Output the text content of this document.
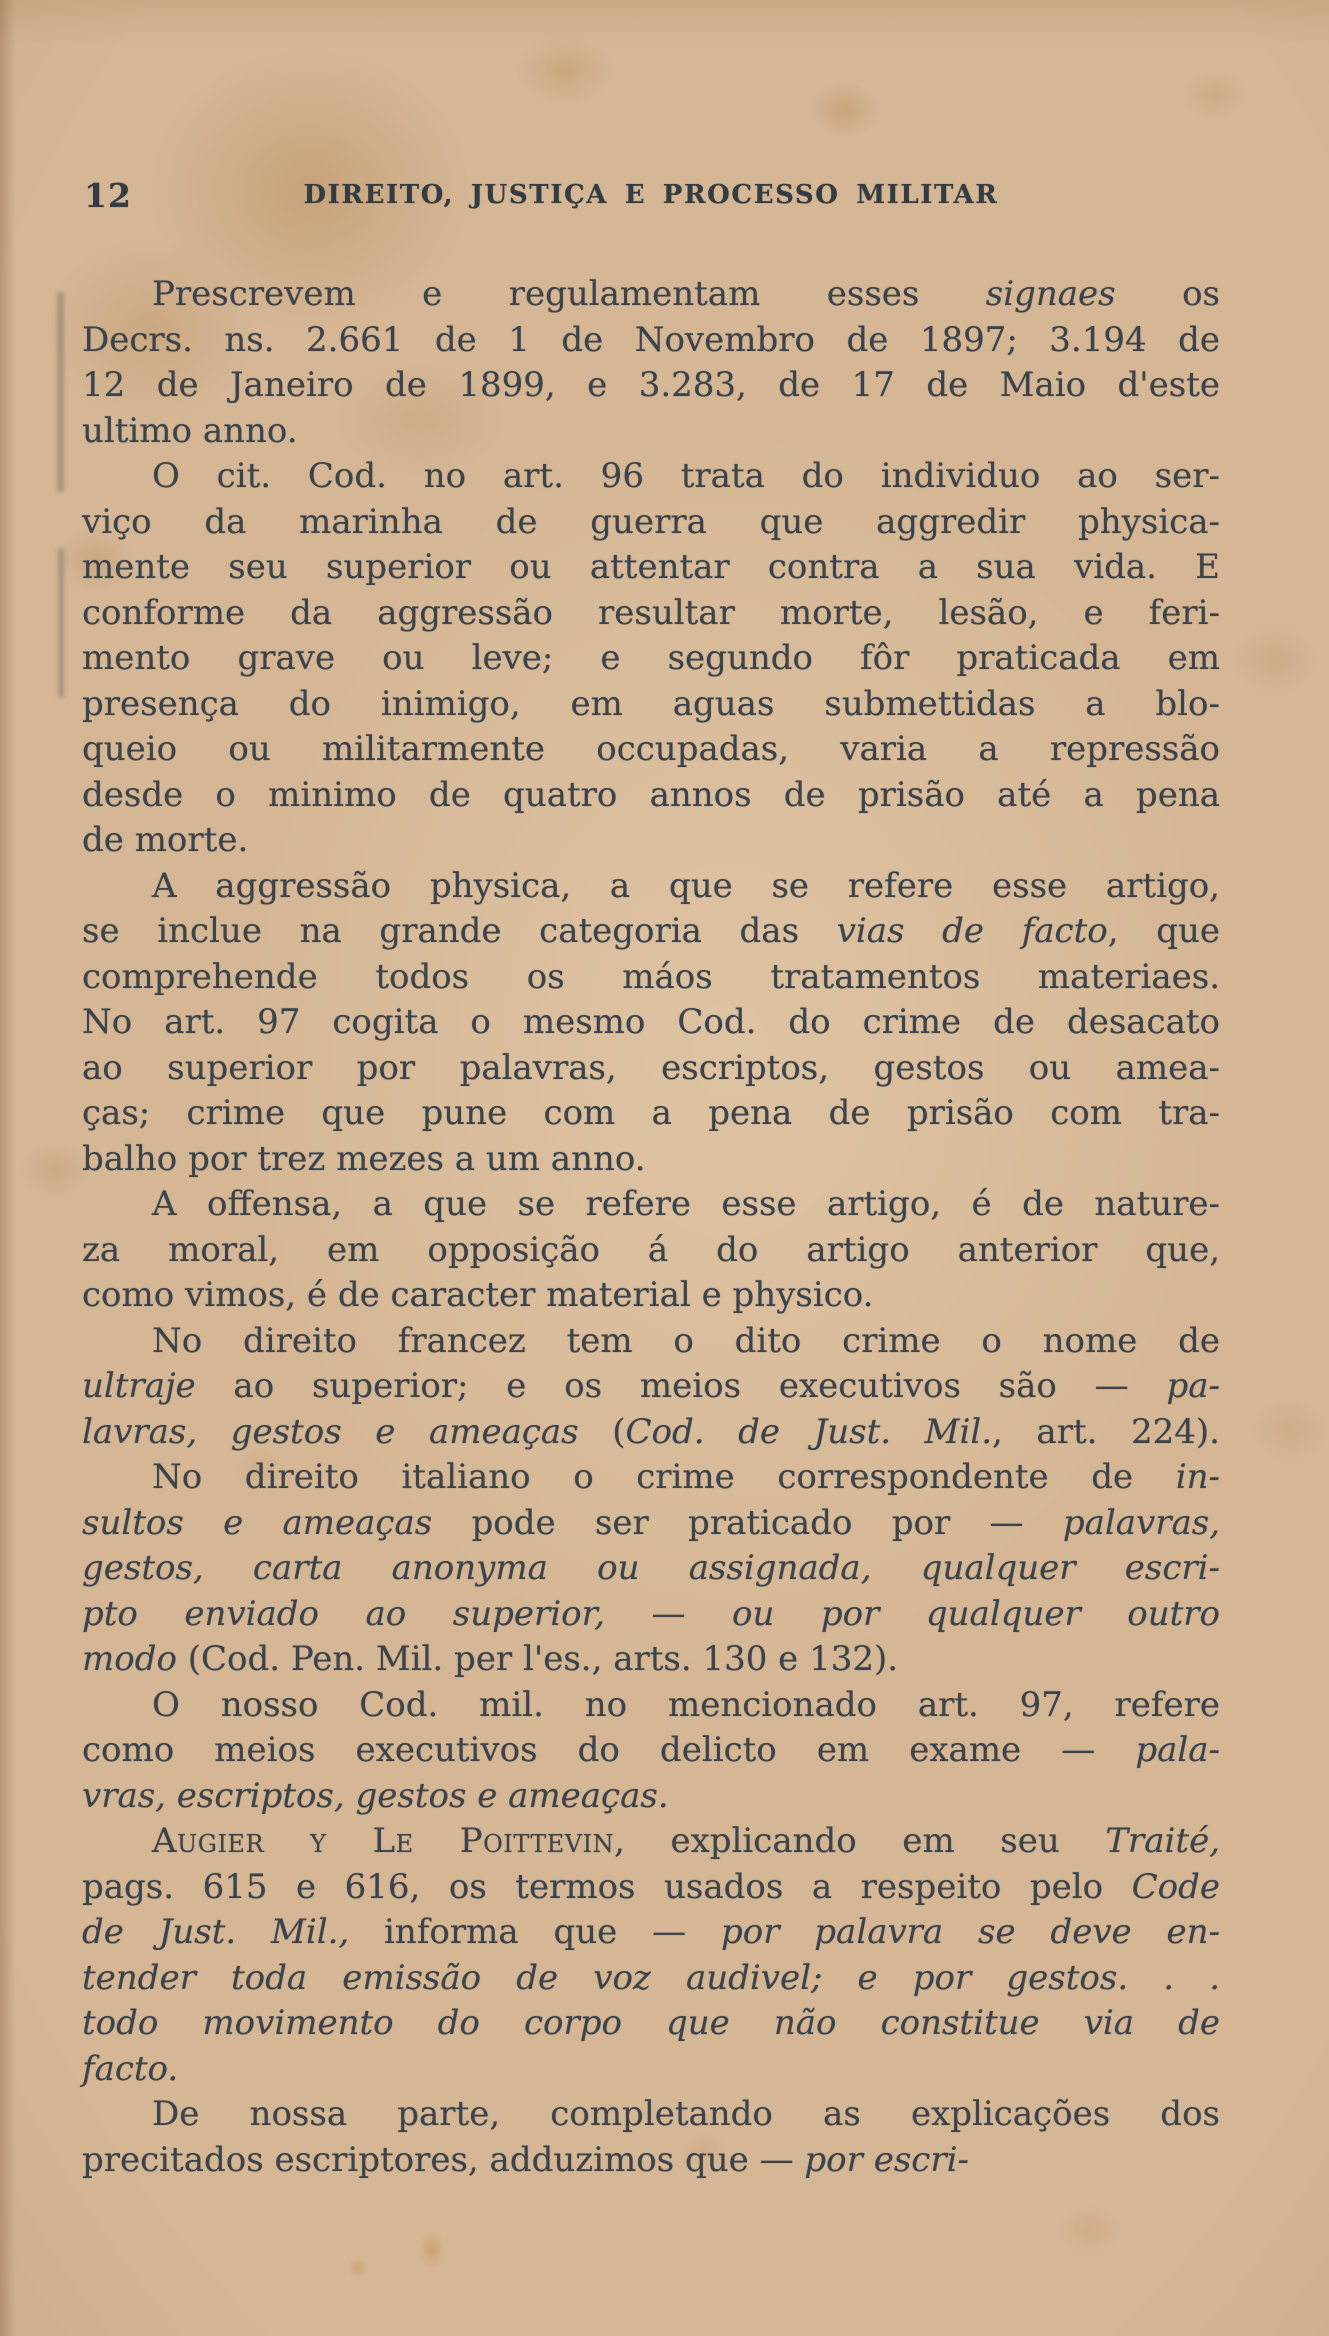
12	DIREITO, JUSTIÇA E PROCESSO MILITAR
Prescrevem e regulamentam esses signaes os
Decrs. ns. 2.661 de 1 de Novembro de 1897; 3.194 de
12 de Janeiro de 1899, e 3.283, de 17 de Maio d'este
ultimo anno.
O cit. Cod. no art. 96 trata do individuo ao ser-
viço da marinha de guerra que aggredir physica-
mente seu superior ou attentar contra a sua vida. E
conforme da aggressão resultar morte, lesão, e feri-
mento grave ou leve; e segundo fôr praticada em
presença do inimigo, em aguas submettidas a blo-
queio ou militarmente occupadas, varia a repressão
desde o minimo de quatro annos de prisão até a pena
de morte.
A aggressão physica, a que se refere esse artigo,
se inclue na grande categoria das vias de facto, que
comprehende todos os máos tratamentos materiaes.
No art. 97 cogita o mesmo Cod. do crime de desacato
ao superior por palavras, escriptos, gestos ou amea-
ças; crime que pune com a pena de prisão com tra-
balho por trez mezes a um anno.
A offensa, a que se refere esse artigo, é de nature-
za moral, em opposição á do artigo anterior que,
como vimos, é de caracter material e physico.
No direito francez tem o dito crime o nome de
ultraje ao superior; e os meios executivos são — pa-
lavras, gestos e ameaças (Cod. de Just. Mil., art. 224).
No direito italiano o crime correspondente de in-
sultos e ameaças pode ser praticado por — palavras,
gestos, carta anonyma ou assignada, qualquer escri-
pto enviado ao superior, — ou por qualquer outro
modo (Cod. Pen. Mil. per l'es., arts. 130 e 132).
O nosso Cod. mil. no mencionado art. 97, refere
como meios executivos do delicto em exame — pala-
vras, escriptos, gestos e ameaças.
Augier y Le Poittevin, explicando em seu Traité,
pags. 615 e 616, os termos usados a respeito pelo Code
de Just. Mil., informa que — por palavra se deve en-
tender toda emissão de voz audivel; e por gestos. . .
todo movimento do corpo que não constitue via de
facto.
De nossa parte, completando as explicações dos
precitados escriptores, adduzimos que — por escri-
